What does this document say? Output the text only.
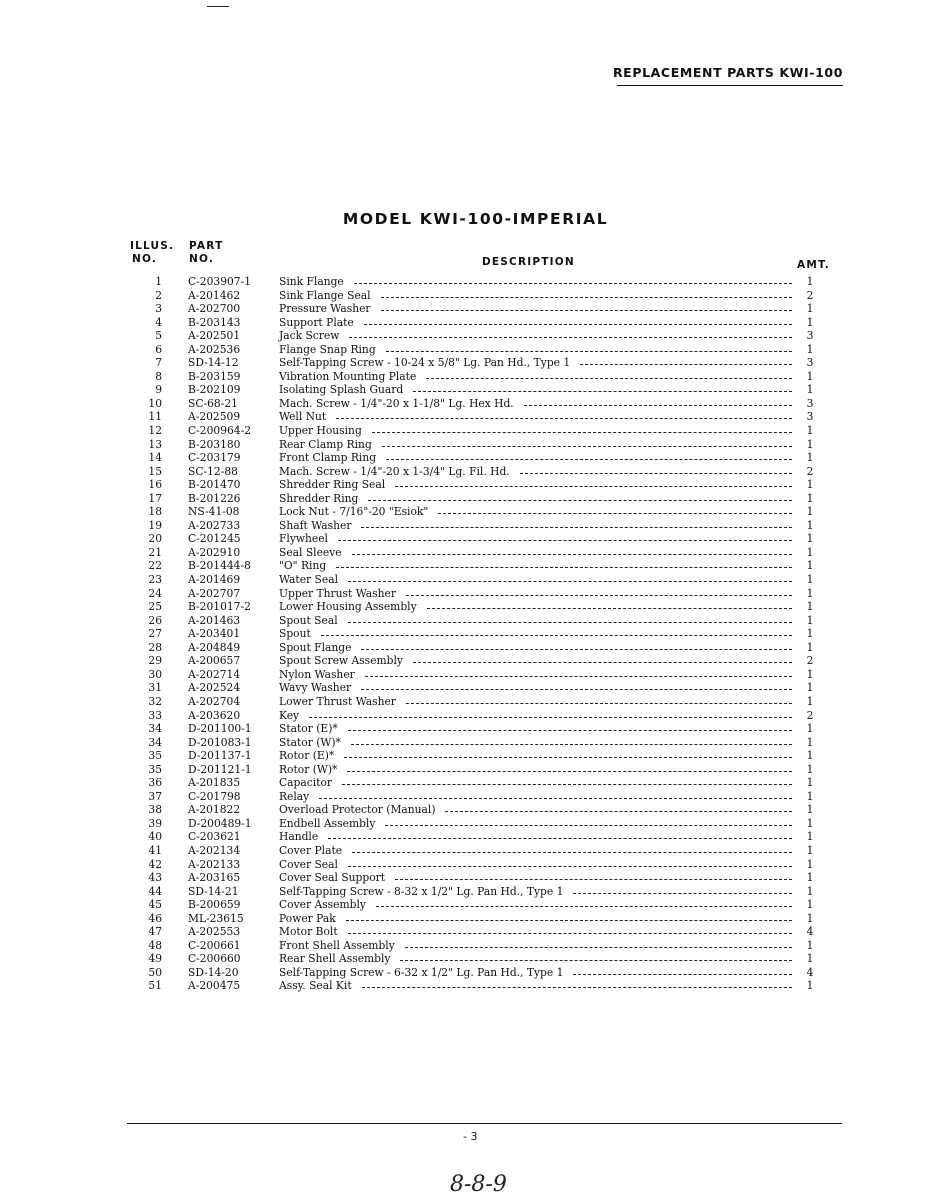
REPLACEMENT PARTS KWI-100
MODEL KWI-100-IMPERIAL
ILLUS.
NO.
PART
NO.	DESCRIPTION	AMT.
1 C-203907-1	Sink Flange	1
2 A-201462	Sink Flange Seal	2
3 A-202700	Pressure Washer	1
4 B-203143	Support Plate	1
5 A-202501	Jack Screw	3
6 A-202536	Flange Snap Ring	1
7 SD-14-12	Self-Tapping Screw - 10-24 x 5/8" Lg. Pan Hd., Type 1	3
8 B-203159	Vibration Mounting Plate	1
9 B-202109	Isolating Splash Guard	1
10 SC-68-21	Mach. Screw - 1/4"-20 x 1-1/8" Lg. Hex Hd.	3
11 A-202509	Well Nut	3
12 C-200964-2	Upper Housing	1
13 B-203180	Rear Clamp Ring	1
14 C-203179	Front Clamp Ring	1
15 SC-12-88	Mach. Screw - 1/4"-20 x 1-3/4" Lg. Fil. Hd.	2
16 B-201470	Shredder Ring Seal	1
17 B-201226	Shredder Ring	1
18 NS-41-08	Lock Nut - 7/16"-20 "Esiok"	1
19 A-202733	Shaft Washer	1
20 C-201245	Flywheel	1
21 A-202910	Seal Sleeve	1
22 B-201444-8	"O" Ring	1
23 A-201469	Water Seal	1
24 A-202707	Upper Thrust Washer	1
25 B-201017-2	Lower Housing Assembly	1
26 A-201463	Spout Seal	1
27 A-203401	Spout	1
28 A-204849	Spout Flange	1
29 A-200657	Spout Screw Assembly	2
30 A-202714	Nylon Washer	1
31 A-202524	Wavy Washer	1
32 A-202704	Lower Thrust Washer	1
33 A-203620	Key	2
34 D-201100-1	Stator (E)*	1
34 D-201083-1	Stator (W)*	1
35 D-201137-1	Rotor (E)*	1
35 D-201121-1	Rotor (W)*	1
36 A-201835	Capacitor	1
37 C-201798	Relay	1
38 A-201822	Overload Protector (Manual)	1
39 D-200489-1	Endbell Assembly	1
40 C-203621	Handle	1
41 A-202134	Cover Plate	1
42 A-202133	Cover Seal	1
43 A-203165	Cover Seal Support	1
44 SD-14-21	Self-Tapping Screw - 8-32 x 1/2" Lg. Pan Hd., Type 1	1
45 B-200659	Cover Assembly	1
46 ML-23615	Power Pak	1
47 A-202553	Motor Bolt	4
48 C-200661	Front Shell Assembly	1
49 C-200660	Rear Shell Assembly	1
50 SD-14-20	Self-Tapping Screw - 6-32 x 1/2" Lg. Pan Hd., Type 1	4
51 A-200475	Assy. Seal Kit	1
- 3
8-8-9
